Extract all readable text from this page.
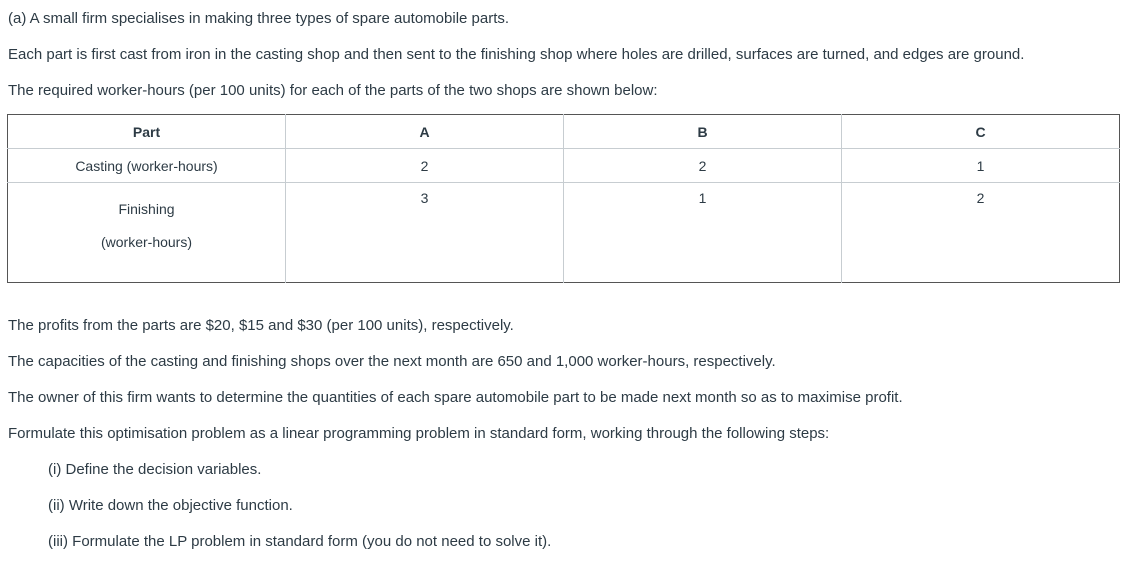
(a) A small firm specialises in making three types of spare automobile parts.
Each part is first cast from iron in the casting shop and then sent to the finishing shop where holes are drilled, surfaces are turned, and edges are ground.
The required worker-hours (per 100 units) for each of the parts of the two shops are shown below:
Part	A	B	C
Casting (worker-hours)	2	2	1

Finishing
(worker-hours)	3	1	2
The profits from the parts are $20, $15 and $30 (per 100 units), respectively.
The capacities of the casting and finishing shops over the next month are 650 and 1,000 worker-hours, respectively.
The owner of this firm wants to determine the quantities of each spare automobile part to be made next month so as to maximise profit.
Formulate this optimisation problem as a linear programming problem in standard form, working through the following steps:
(i) Define the decision variables.
(ii) Write down the objective function.
(iii) Formulate the LP problem in standard form (you do not need to solve it).
